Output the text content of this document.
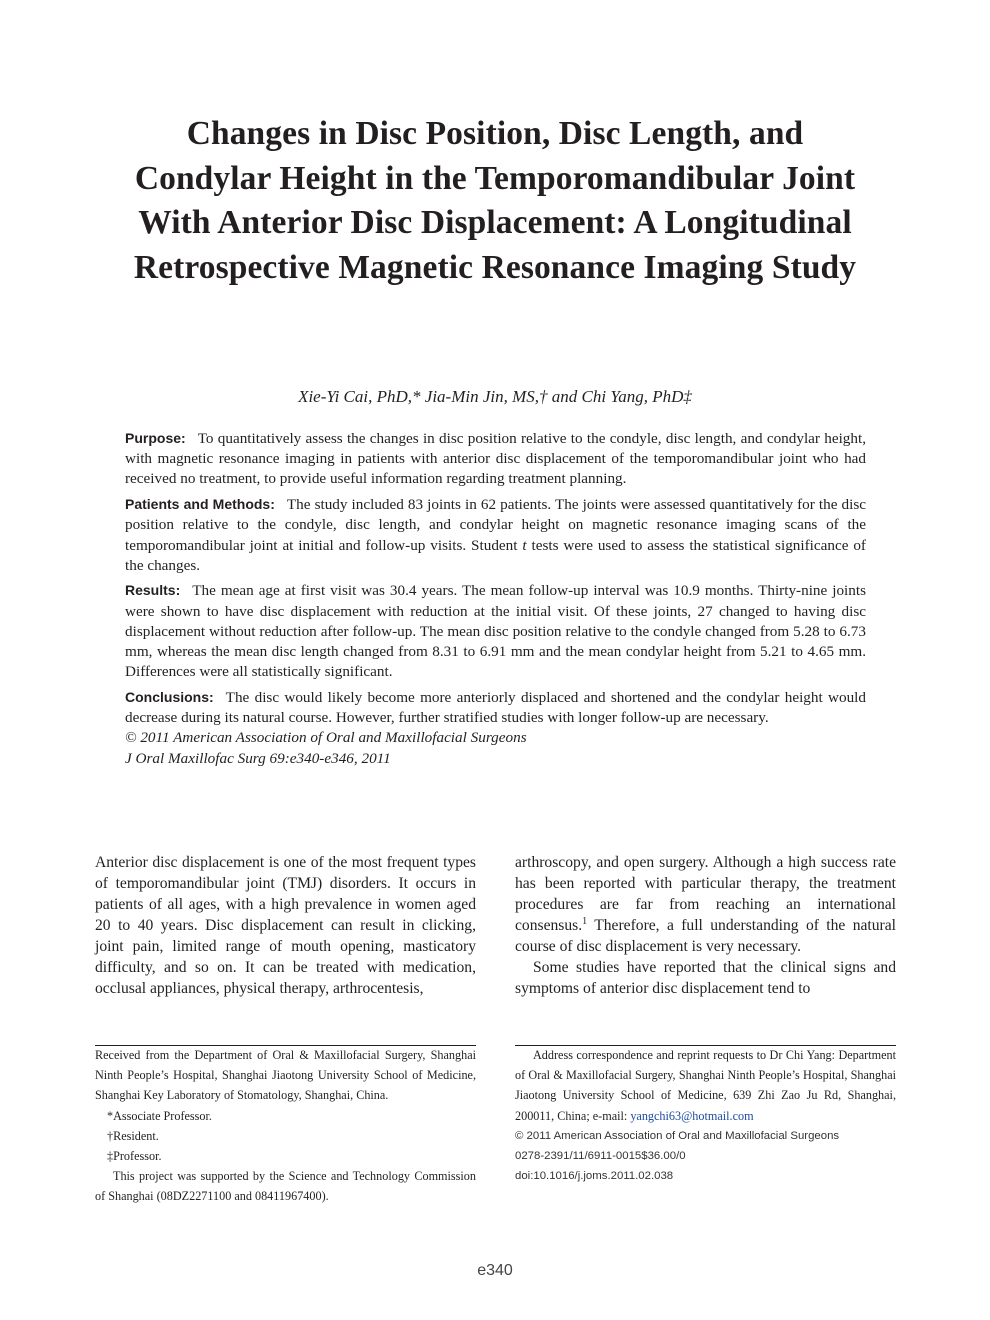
Changes in Disc Position, Disc Length, and Condylar Height in the Temporomandibular Joint With Anterior Disc Displacement: A Longitudinal Retrospective Magnetic Resonance Imaging Study
Xie-Yi Cai, PhD,* Jia-Min Jin, MS,† and Chi Yang, PhD‡

Purpose: To quantitatively assess the changes in disc position relative to the condyle, disc length, and condylar height, with magnetic resonance imaging in patients with anterior disc displacement of the temporomandibular joint who had received no treatment, to provide useful information regarding treatment planning.

Patients and Methods: The study included 83 joints in 62 patients. The joints were assessed quantitatively for the disc position relative to the condyle, disc length, and condylar height on magnetic resonance imaging scans of the temporomandibular joint at initial and follow-up visits. Student t tests were used to assess the statistical significance of the changes.

Results: The mean age at first visit was 30.4 years. The mean follow-up interval was 10.9 months. Thirty-nine joints were shown to have disc displacement with reduction at the initial visit. Of these joints, 27 changed to having disc displacement without reduction after follow-up. The mean disc position relative to the condyle changed from 5.28 to 6.73 mm, whereas the mean disc length changed from 8.31 to 6.91 mm and the mean condylar height from 5.21 to 4.65 mm. Differences were all statistically significant.

Conclusions: The disc would likely become more anteriorly displaced and shortened and the condylar height would decrease during its natural course. However, further stratified studies with longer follow-up are necessary.

© 2011 American Association of Oral and Maxillofacial Surgeons

J Oral Maxillofac Surg 69:e340-e346, 2011

Anterior disc displacement is one of the most frequent types of temporomandibular joint (TMJ) disorders. It occurs in patients of all ages, with a high prevalence in women aged 20 to 40 years. Disc displacement can result in clicking, joint pain, limited range of mouth opening, masticatory difficulty, and so on. It can be treated with medication, occlusal appliances, physical therapy, arthrocentesis,

arthroscopy, and open surgery. Although a high success rate has been reported with particular therapy, the treatment procedures are far from reaching an international consensus.$^1$ Therefore, a full understanding of the natural course of disc displacement is very necessary.

Some studies have reported that the clinical signs and symptoms of anterior disc displacement tend to

Received from the Department of Oral & Maxillofacial Surgery, Shanghai Ninth People’s Hospital, Shanghai Jiaotong University School of Medicine, Shanghai Key Laboratory of Stomatology, Shanghai, China.

*Associate Professor.

†Resident.

‡Professor.

This project was supported by the Science and Technology Commission of Shanghai (08DZ2271100 and 08411967400).

Address correspondence and reprint requests to Dr Chi Yang: Department of Oral & Maxillofacial Surgery, Shanghai Ninth People’s Hospital, Shanghai Jiaotong University School of Medicine, 639 Zhi Zao Ju Rd, Shanghai, 200011, China; e-mail: yangchi63@hotmail.com

© 2011 American Association of Oral and Maxillofacial Surgeons

0278-2391/11/6911-0015$36.00/0

doi:10.1016/j.joms.2011.02.038

e340
